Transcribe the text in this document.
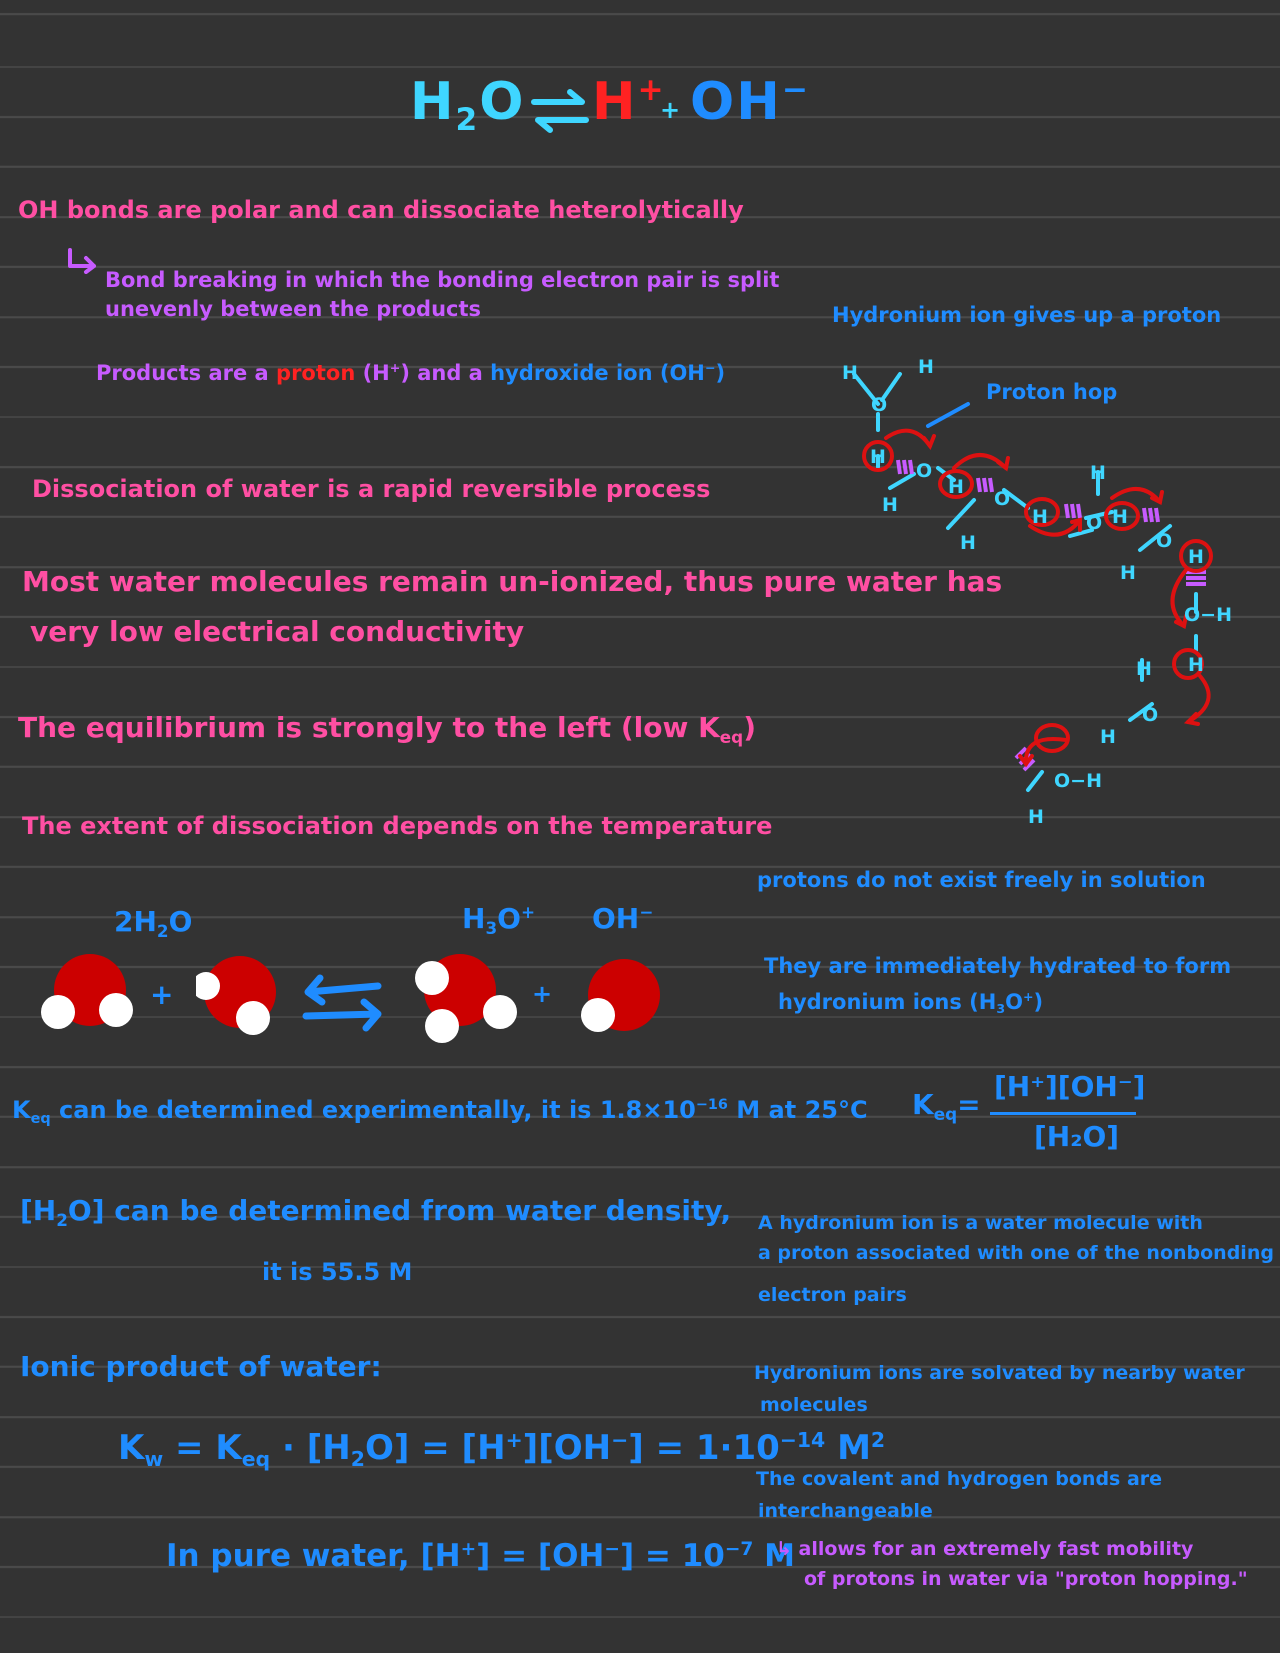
$H_2O$ H+
+ OH−
OH bonds are polar and can dissociate heterolytically
Bond breaking in which the bonding electron pair is split
unevenly between the products
Products are a proton (H+) and a hydroxide ion (OH−)
Dissociation of water is a rapid reversible process
Most water molecules remain un-ionized, thus pure water has
very low electrical conductivity
The equilibrium is strongly to the left (low $K_{eq}$)
The extent of dissociation depends on the temperature
$2H_2O$	$H_3O^+$ OH−
+	+
$K_{eq}$ can be determined experimentally, it is $1.8\times 10^{-16}$ M at 25°C $K_{eq}=$
[H⁺][OH⁻]
[H₂O]
$[H_2O]$ can be determined from water density,
it is 55.5 M
Ionic product of water:
$K_w = K_{eq} \cdot [H_2O] = [H^+][OH^-] = 1\cdot 10^{-14}$ $M^2$
In pure water, $[H^+] = [OH^-] = 10^{-7}$ M
Hydronium ion gives up a proton
Proton hop
H	H
O
H
O
H
H
O
H
H
H
O H
H
O
H
O−H
H H
O
H
O−H
H
protons do not exist freely in solution
They are immediately hydrated to form
hydronium ions $(H_3O^+)$
A hydronium ion is a water molecule with
a proton associated with one of the nonbonding
electron pairs
Hydronium ions are solvated by nearby water
molecules
The covalent and hydrogen bonds are
interchangeable
↳ allows for an extremely fast mobility
of protons in water via "proton hopping."
